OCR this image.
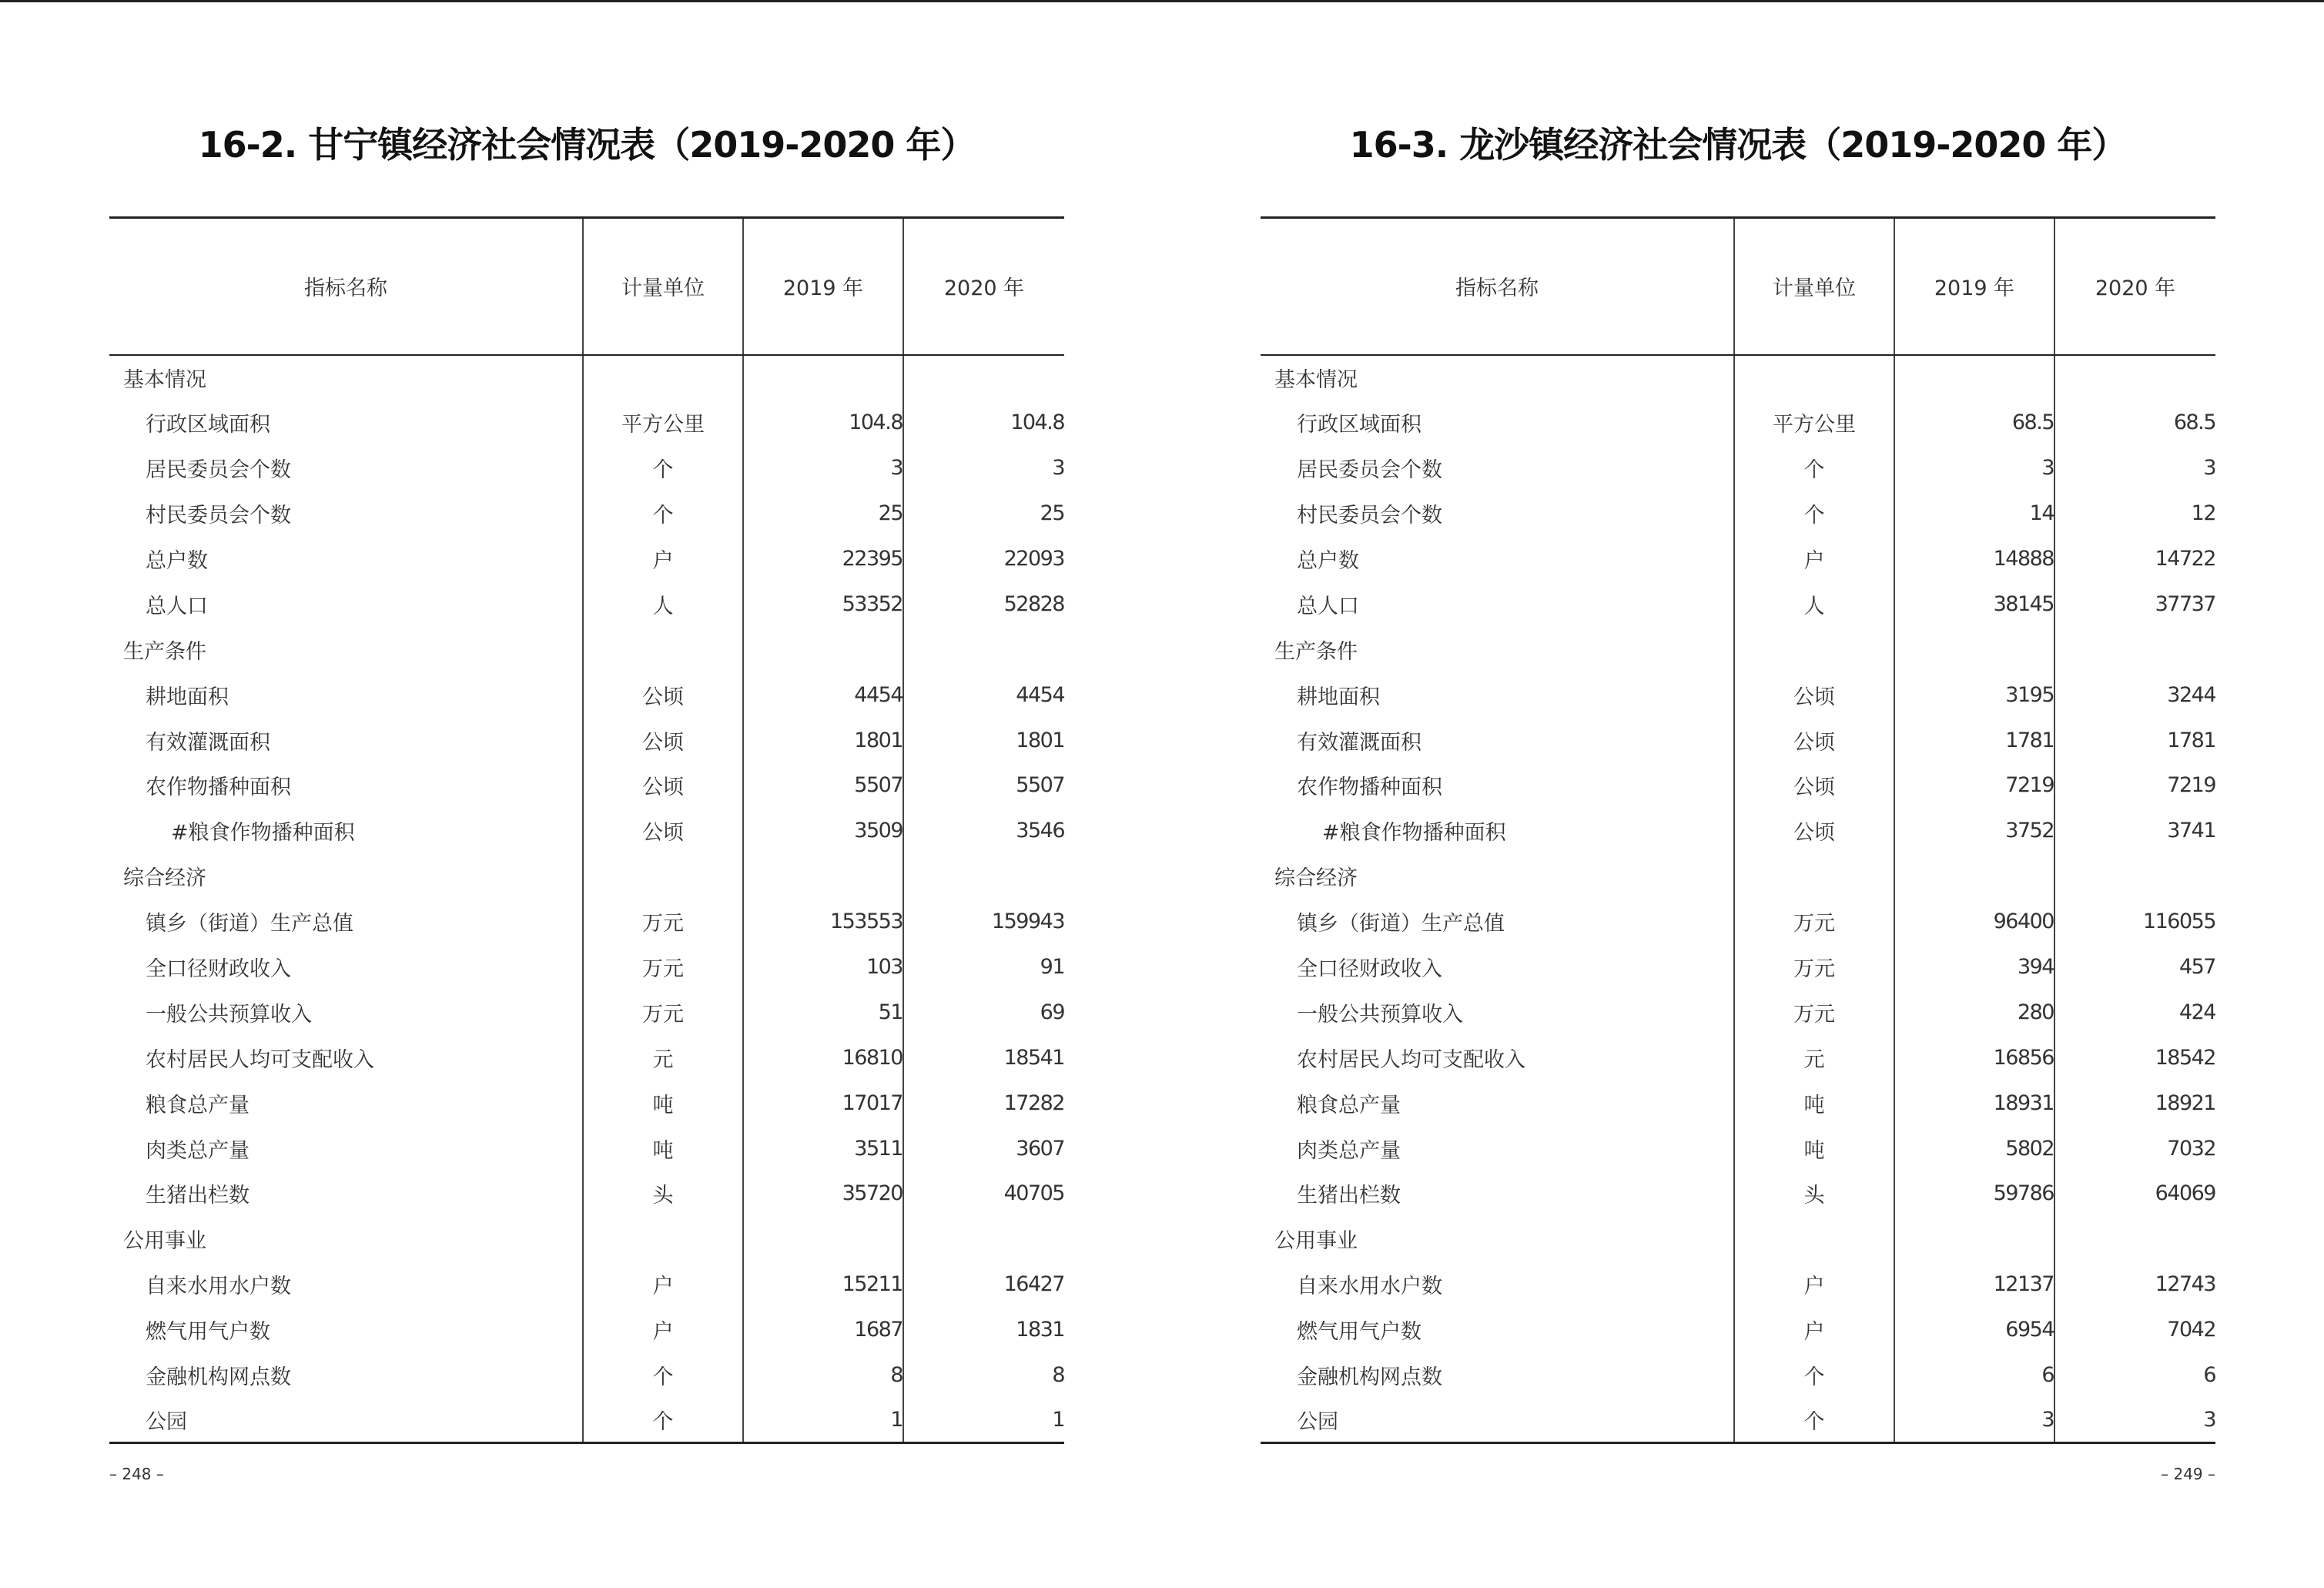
16-2. 甘宁镇经济社会情况表（2019-2020 年）
指标名称	计量单位	2019 年	2020 年
基本情况			
行政区域面积	平方公里	104.8	104.8
居民委员会个数	个	3	3
村民委员会个数	个	25	25
总户数	户	22395	22093
总人口	人	53352	52828
生产条件			
耕地面积	公顷	4454	4454
有效灌溉面积	公顷	1801	1801
农作物播种面积	公顷	5507	5507
#粮食作物播种面积	公顷	3509	3546
综合经济			
镇乡（街道）生产总值	万元	153553	159943
全口径财政收入	万元	103	91
一般公共预算收入	万元	51	69
农村居民人均可支配收入	元	16810	18541
粮食总产量	吨	17017	17282
肉类总产量	吨	3511	3607
生猪出栏数	头	35720	40705
公用事业			
自来水用水户数	户	15211	16427
燃气用气户数	户	1687	1831
金融机构网点数	个	8	8
公园	个	1	1
– 248 –
16-3. 龙沙镇经济社会情况表（2019-2020 年）
指标名称	计量单位	2019 年	2020 年
基本情况			
行政区域面积	平方公里	68.5	68.5
居民委员会个数	个	3	3
村民委员会个数	个	14	12
总户数	户	14888	14722
总人口	人	38145	37737
生产条件			
耕地面积	公顷	3195	3244
有效灌溉面积	公顷	1781	1781
农作物播种面积	公顷	7219	7219
#粮食作物播种面积	公顷	3752	3741
综合经济			
镇乡（街道）生产总值	万元	96400	116055
全口径财政收入	万元	394	457
一般公共预算收入	万元	280	424
农村居民人均可支配收入	元	16856	18542
粮食总产量	吨	18931	18921
肉类总产量	吨	5802	7032
生猪出栏数	头	59786	64069
公用事业			
自来水用水户数	户	12137	12743
燃气用气户数	户	6954	7042
金融机构网点数	个	6	6
公园	个	3	3
– 249 –
